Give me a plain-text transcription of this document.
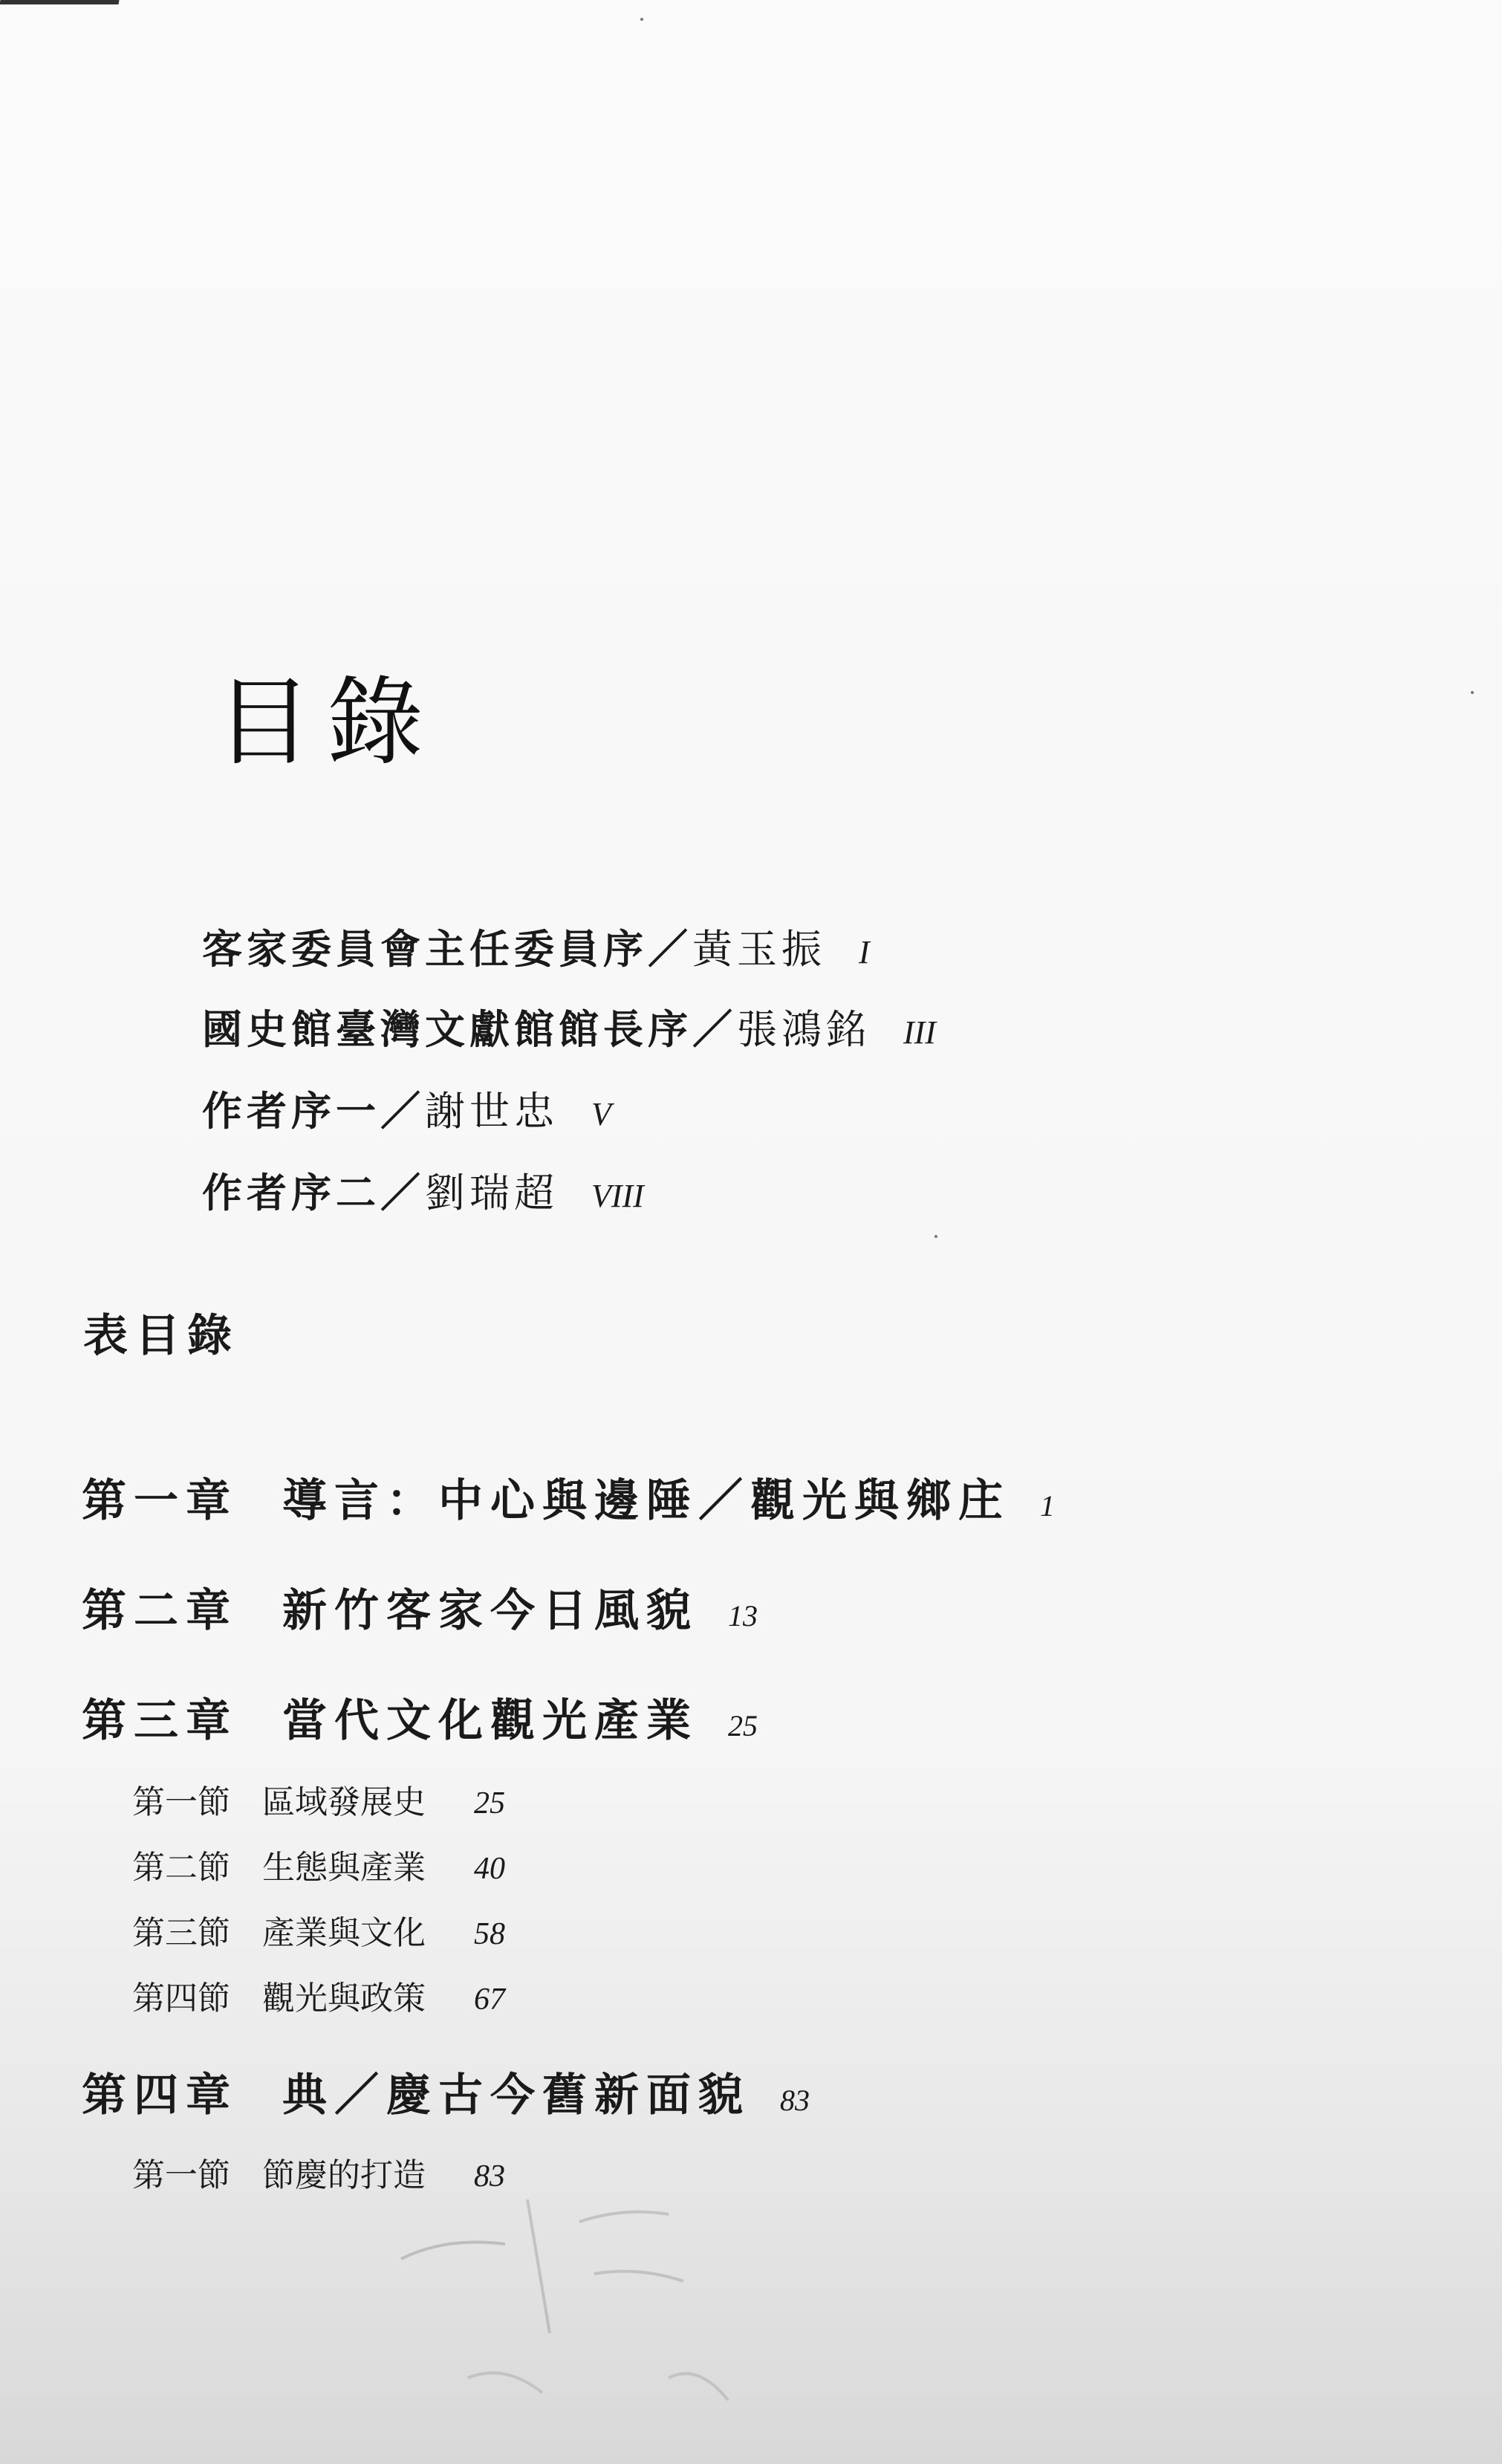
目錄
客家委員會主任委員序／黃玉振 I
國史館臺灣文獻館館長序／張鴻銘 III
作者序一／謝世忠 V
作者序二／劉瑞超 VIII
表目錄
第一章 導言：中心與邊陲／觀光與鄉庄 1
第二章 新竹客家今日風貌 13
第三章 當代文化觀光產業 25
第一節 區域發展史 25
第二節 生態與產業 40
第三節 產業與文化 58
第四節 觀光與政策 67
第四章 典／慶古今舊新面貌 83
第一節 節慶的打造 83
